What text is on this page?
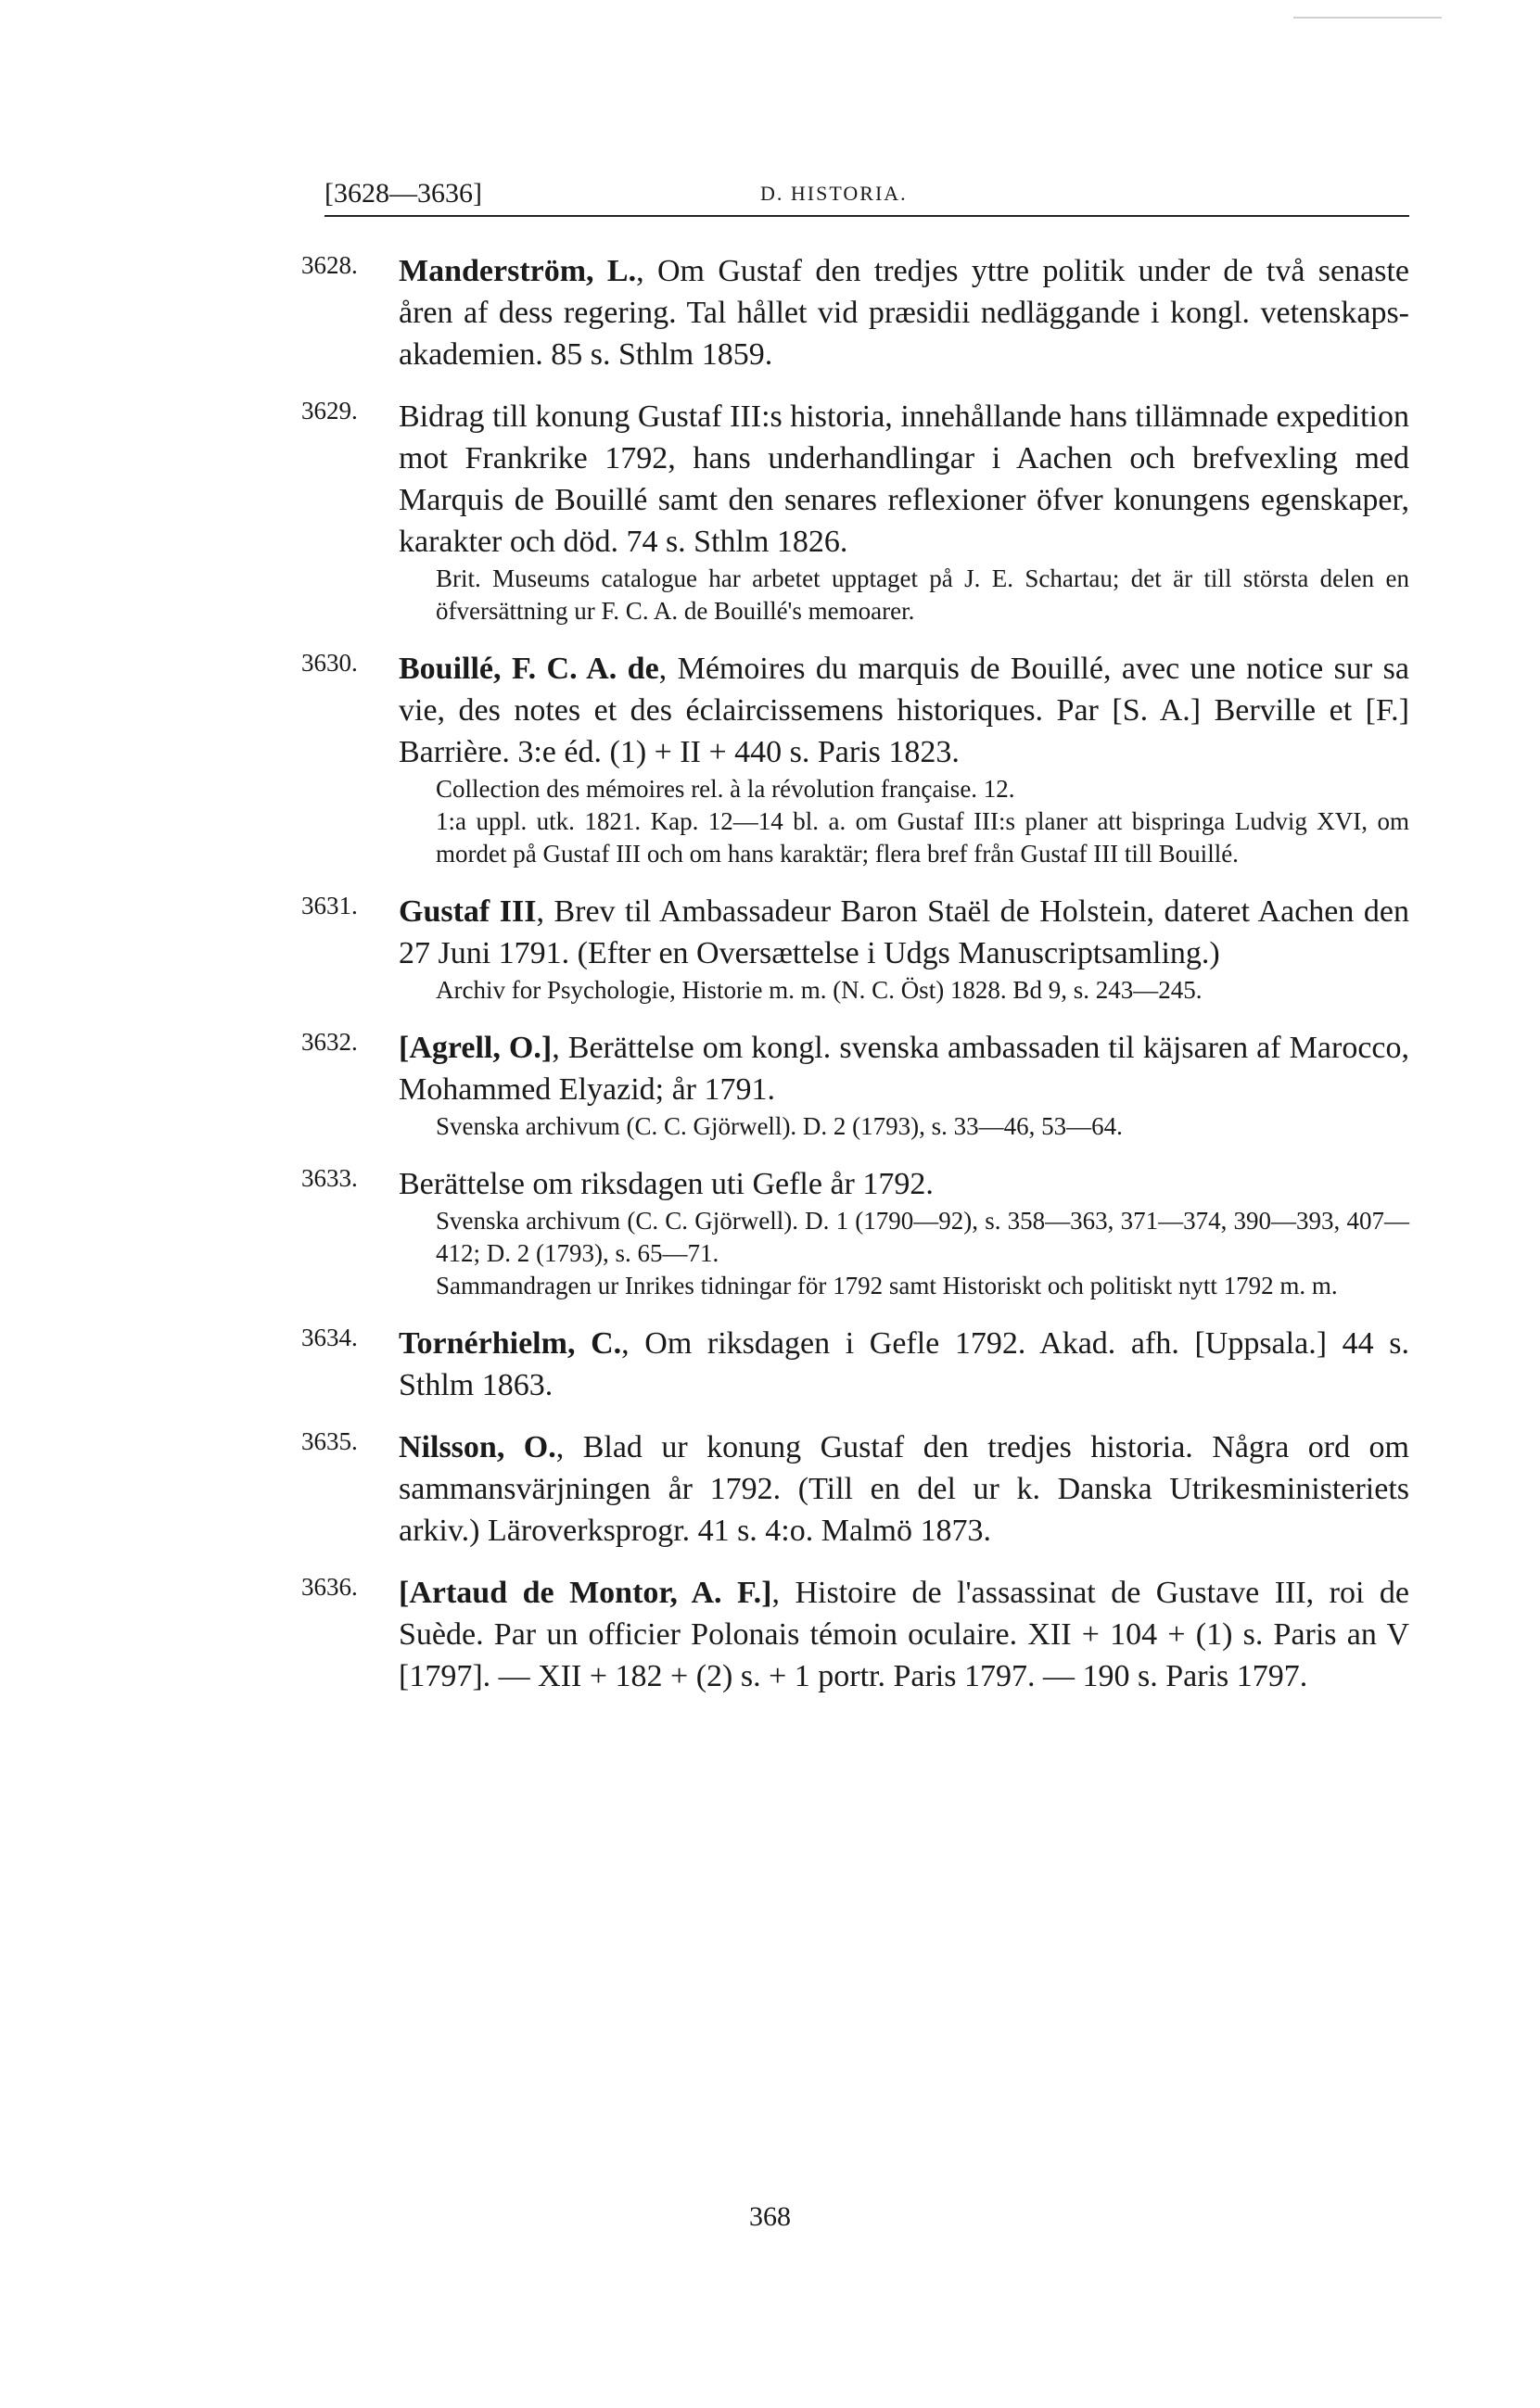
[3628—3636]	D. HISTORIA.
3628.	Manderström, L., Om Gustaf den tredjes yttre politik under de två senaste åren af dess regering. Tal hållet vid præsidii nedläggande i kongl. vetenskaps-akademien. 85 s. Sthlm 1859.
3629.	Bidrag till konung Gustaf III:s historia, innehållande hans tillämnade expedition mot Frankrike 1792, hans underhandlingar i Aachen och brefvexling med Marquis de Bouillé samt den senares reflexioner öfver konungens egenskaper, karakter och död. 74 s. Sthlm 1826.
Brit. Museums catalogue har arbetet upptaget på J. E. Schartau; det är till största delen en öfversättning ur F. C. A. de Bouillé's memoarer.
3630.	Bouillé, F. C. A. de, Mémoires du marquis de Bouillé, avec une notice sur sa vie, des notes et des éclaircissemens historiques. Par [S. A.] Berville et [F.] Barrière. 3:e éd. (1) + II + 440 s. Paris 1823.
Collection des mémoires rel. à la révolution française. 12.
1:a uppl. utk. 1821. Kap. 12—14 bl. a. om Gustaf III:s planer att bispringa Ludvig XVI, om mordet på Gustaf III och om hans karaktär; flera bref från Gustaf III till Bouillé.
3631.	Gustaf III, Brev til Ambassadeur Baron Staël de Holstein, dateret Aachen den 27 Juni 1791. (Efter en Oversættelse i Udgs Manuscriptsamling.)
Archiv for Psychologie, Historie m. m. (N. C. Öst) 1828. Bd 9, s. 243—245.
3632.	[Agrell, O.], Berättelse om kongl. svenska ambassaden til käjsaren af Marocco, Mohammed Elyazid; år 1791.
Svenska archivum (C. C. Gjörwell). D. 2 (1793), s. 33—46, 53—64.
3633.	Berättelse om riksdagen uti Gefle år 1792.
Svenska archivum (C. C. Gjörwell). D. 1 (1790—92), s. 358—363, 371—374, 390—393, 407—412; D. 2 (1793), s. 65—71.
Sammandragen ur Inrikes tidningar för 1792 samt Historiskt och politiskt nytt 1792 m. m.
3634.	Tornérhielm, C., Om riksdagen i Gefle 1792. Akad. afh. [Uppsala.] 44 s. Sthlm 1863.
3635.	Nilsson, O., Blad ur konung Gustaf den tredjes historia. Några ord om sammansvärjningen år 1792. (Till en del ur k. Danska Utrikesministeriets arkiv.) Läroverksprogr. 41 s. 4:o. Malmö 1873.
3636.	[Artaud de Montor, A. F.], Histoire de l'assassinat de Gustave III, roi de Suède. Par un officier Polonais témoin oculaire. XII + 104 + (1) s. Paris an V [1797]. — XII + 182 + (2) s. + 1 portr. Paris 1797. — 190 s. Paris 1797.
368
